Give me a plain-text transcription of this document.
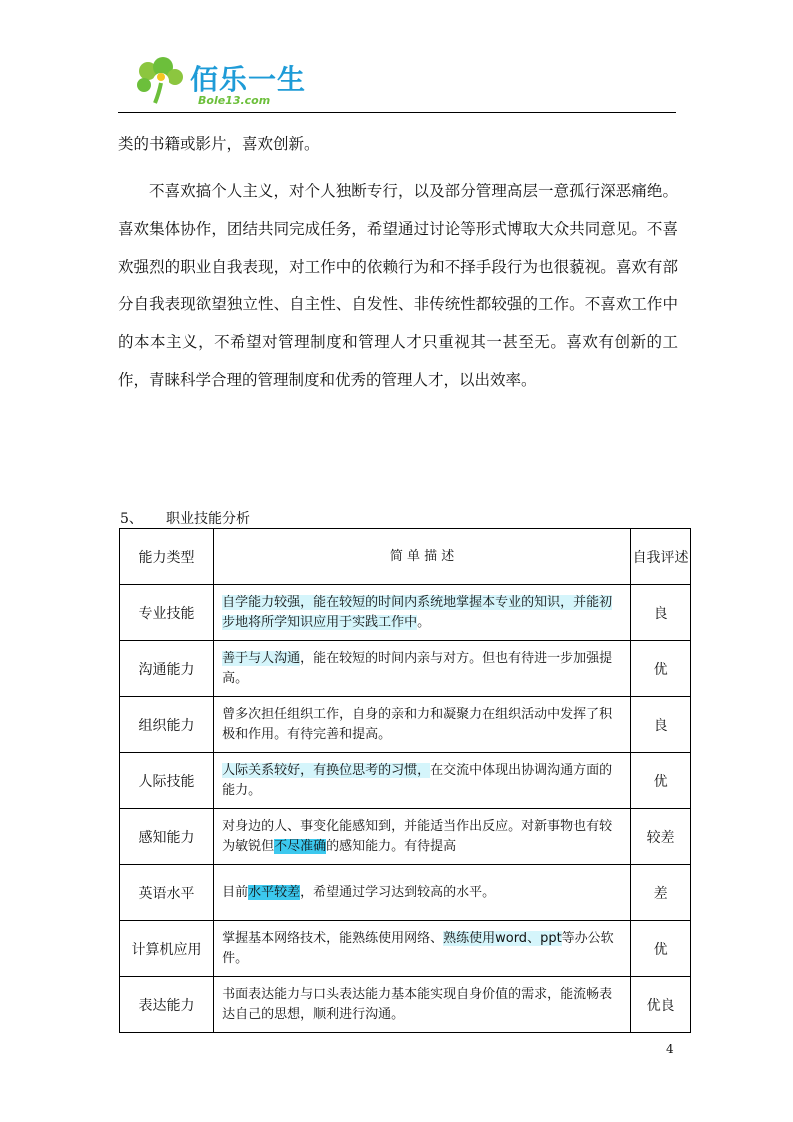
佰乐一生
Bole13.com

类的书籍或影片，喜欢创新。

不喜欢搞个人主义，对个人独断专行，以及部分管理高层一意孤行深恶痛绝。喜欢集体协作，团结共同完成任务，希望通过讨论等形式博取大众共同意见。不喜欢强烈的职业自我表现，对工作中的依赖行为和不择手段行为也很藐视。喜欢有部分自我表现欲望独立性、自主性、自发性、非传统性都较强的工作。不喜欢工作中的本本主义，不希望对管理制度和管理人才只重视其一甚至无。喜欢有创新的工作，青睐科学合理的管理制度和优秀的管理人才，以出效率。

5、 职业技能分析
能力类型	简 单 描 述	自我评述
专业技能	自学能力较强，能在较短的时间内系统地掌握本专业的知识，并能初步地将所学知识应用于实践工作中。	良
沟通能力	善于与人沟通，能在较短的时间内亲与对方。但也有待进一步加强提高。	优
组织能力	曾多次担任组织工作，自身的亲和力和凝聚力在组织活动中发挥了积极和作用。有待完善和提高。	良
人际技能	人际关系较好，有换位思考的习惯，在交流中体现出协调沟通方面的能力。	优
感知能力	对身边的人、事变化能感知到，并能适当作出反应。对新事物也有较为敏锐但不尽准确的感知能力。有待提高	较差
英语水平	目前水平较差，希望通过学习达到较高的水平。	差
计算机应用	掌握基本网络技术，能熟练使用网络、熟练使用word、ppt等办公软件。	优
表达能力	书面表达能力与口头表达能力基本能实现自身价值的需求，能流畅表达自己的思想，顺利进行沟通。	优良
4
